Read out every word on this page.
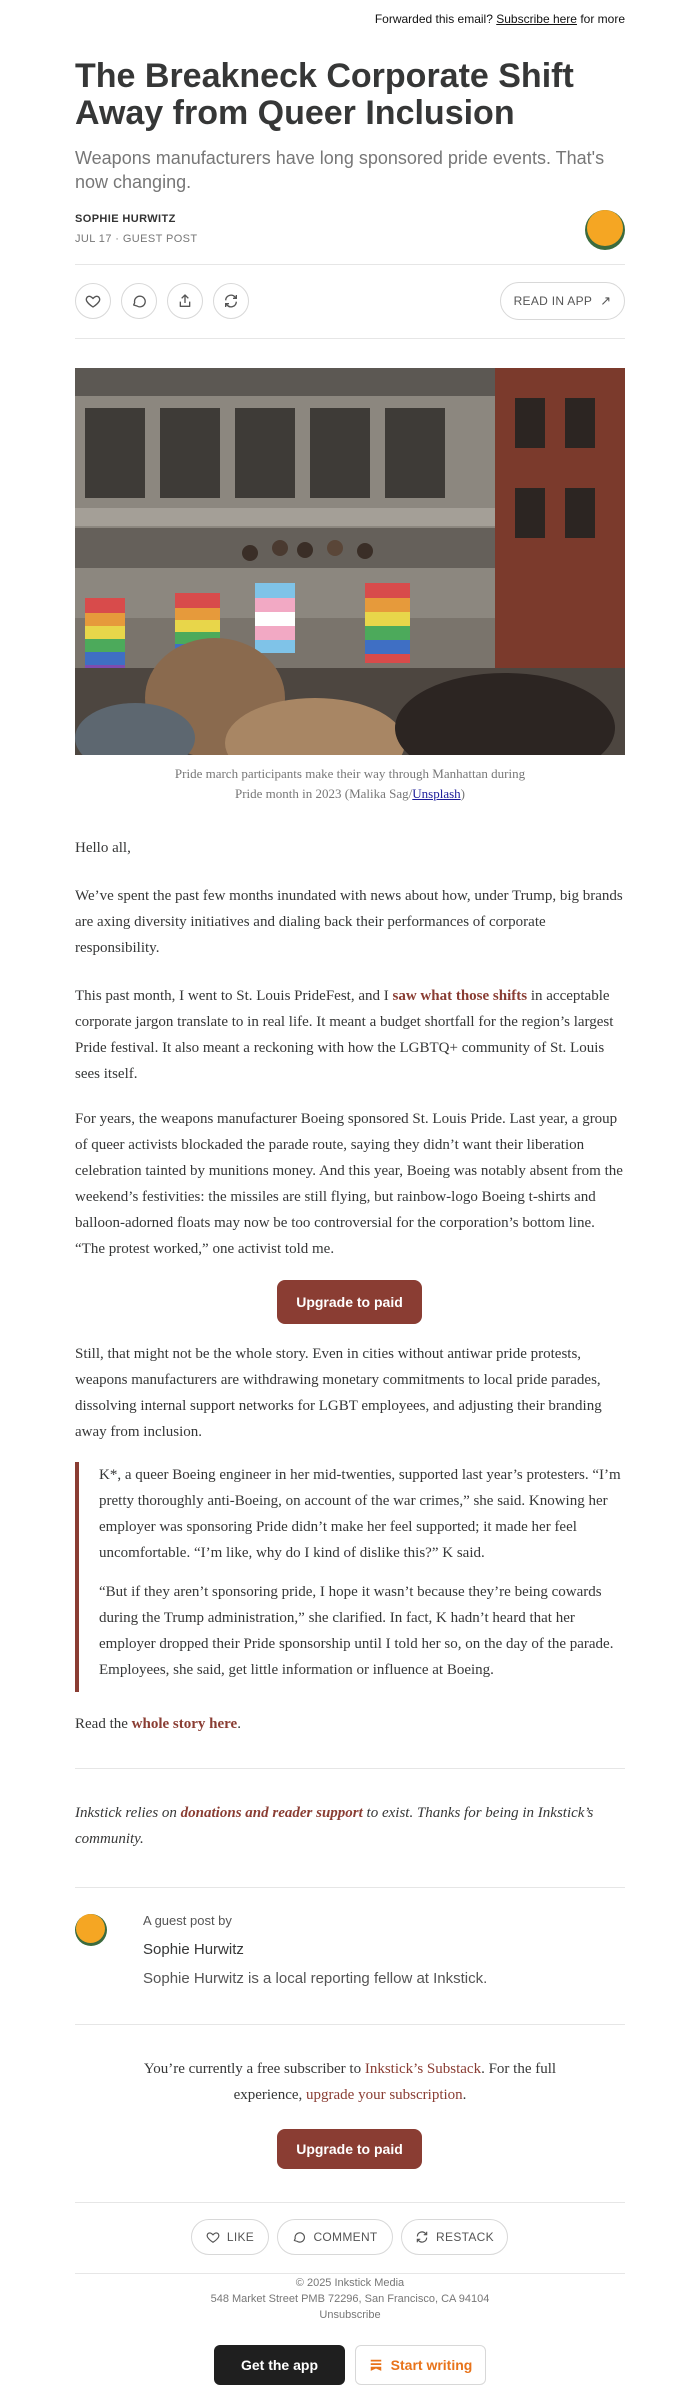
Forwarded this email? Subscribe here for more
The Breakneck Corporate Shift Away from Queer Inclusion
Weapons manufacturers have long sponsored pride events. That's now changing.
SOPHIE HURWITZ
JUL 17 · GUEST POST
READ IN APP ↗
Pride march participants make their way through Manhattan during
Pride month in 2023 (Malika Sag/Unsplash)

Hello all,

We’ve spent the past few months inundated with news about how, under Trump, big brands are axing diversity initiatives and dialing back their performances of corporate responsibility.

This past month, I went to St. Louis PrideFest, and I saw what those shifts in acceptable corporate jargon translate to in real life. It meant a budget shortfall for the region’s largest Pride festival. It also meant a reckoning with how the LGBTQ+ community of St. Louis sees itself.

For years, the weapons manufacturer Boeing sponsored St. Louis Pride. Last year, a group of queer activists blockaded the parade route, saying they didn’t want their liberation celebration tainted by munitions money. And this year, Boeing was notably absent from the weekend’s festivities: the missiles are still flying, but rainbow-logo Boeing t-shirts and balloon-adorned floats may now be too controversial for the corporation’s bottom line. “The protest worked,” one activist told me.

Upgrade to paid

Still, that might not be the whole story. Even in cities without antiwar pride protests, weapons manufacturers are withdrawing monetary commitments to local pride parades, dissolving internal support networks for LGBT employees, and adjusting their branding away from inclusion.

K*, a queer Boeing engineer in her mid-twenties, supported last year’s protesters. “I’m pretty thoroughly anti-Boeing, on account of the war crimes,” she said. Knowing her employer was sponsoring Pride didn’t make her feel supported; it made her feel uncomfortable. “I’m like, why do I kind of dislike this?” K said.

“But if they aren’t sponsoring pride, I hope it wasn’t because they’re being cowards during the Trump administration,” she clarified. In fact, K hadn’t heard that her employer dropped their Pride sponsorship until I told her so, on the day of the parade. Employees, she said, get little information or influence at Boeing.

Read the whole story here.

Inkstick relies on donations and reader support to exist. Thanks for being in Inkstick’s community.

A guest post by
Sophie Hurwitz
Sophie Hurwitz is a local reporting fellow at Inkstick.

You’re currently a free subscriber to Inkstick’s Substack. For the full experience, upgrade your subscription.

Upgrade to paid
LIKE	COMMENT	RESTACK
© 2025 Inkstick Media
548 Market Street PMB 72296, San Francisco, CA 94104
Unsubscribe
Get the app	Start writing
